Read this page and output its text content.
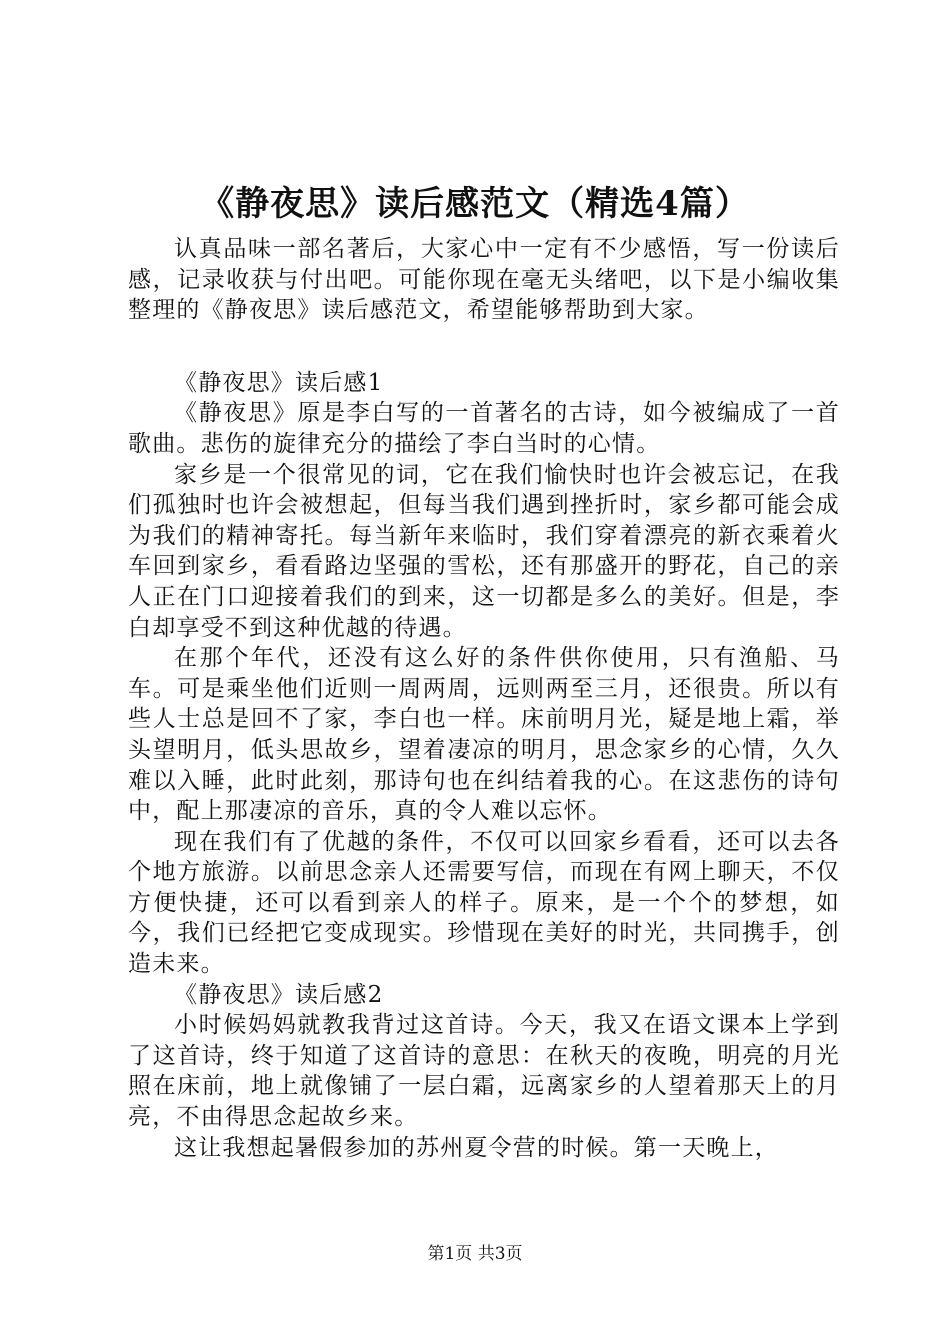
《静夜思》读后感范文（精选4篇）

认真品味一部名著后，大家心中一定有不少感悟，写一份读后感，记录收获与付出吧。可能你现在毫无头绪吧，以下是小编收集整理的《静夜思》读后感范文，希望能够帮助到大家。

《静夜思》读后感1

《静夜思》原是李白写的一首著名的古诗，如今被编成了一首歌曲。悲伤的旋律充分的描绘了李白当时的心情。

家乡是一个很常见的词，它在我们愉快时也许会被忘记，在我们孤独时也许会被想起，但每当我们遇到挫折时，家乡都可能会成为我们的精神寄托。每当新年来临时，我们穿着漂亮的新衣乘着火车回到家乡，看看路边坚强的雪松，还有那盛开的野花，自己的亲人正在门口迎接着我们的到来，这一切都是多么的美好。但是，李白却享受不到这种优越的待遇。

在那个年代，还没有这么好的条件供你使用，只有渔船、马车。可是乘坐他们近则一周两周，远则两至三月，还很贵。所以有些人士总是回不了家，李白也一样。床前明月光，疑是地上霜，举头望明月，低头思故乡，望着凄凉的明月，思念家乡的心情，久久难以入睡，此时此刻，那诗句也在纠结着我的心。在这悲伤的诗句中，配上那凄凉的音乐，真的令人难以忘怀。

现在我们有了优越的条件，不仅可以回家乡看看，还可以去各个地方旅游。以前思念亲人还需要写信，而现在有网上聊天，不仅方便快捷，还可以看到亲人的样子。原来，是一个个的梦想，如今，我们已经把它变成现实。珍惜现在美好的时光，共同携手，创造未来。

《静夜思》读后感2

小时候妈妈就教我背过这首诗。今天，我又在语文课本上学到了这首诗，终于知道了这首诗的意思：在秋天的夜晚，明亮的月光照在床前，地上就像铺了一层白霜，远离家乡的人望着那天上的月亮，不由得思念起故乡来。

这让我想起暑假参加的苏州夏令营的时候。第一天晚上，

第1页 共3页
